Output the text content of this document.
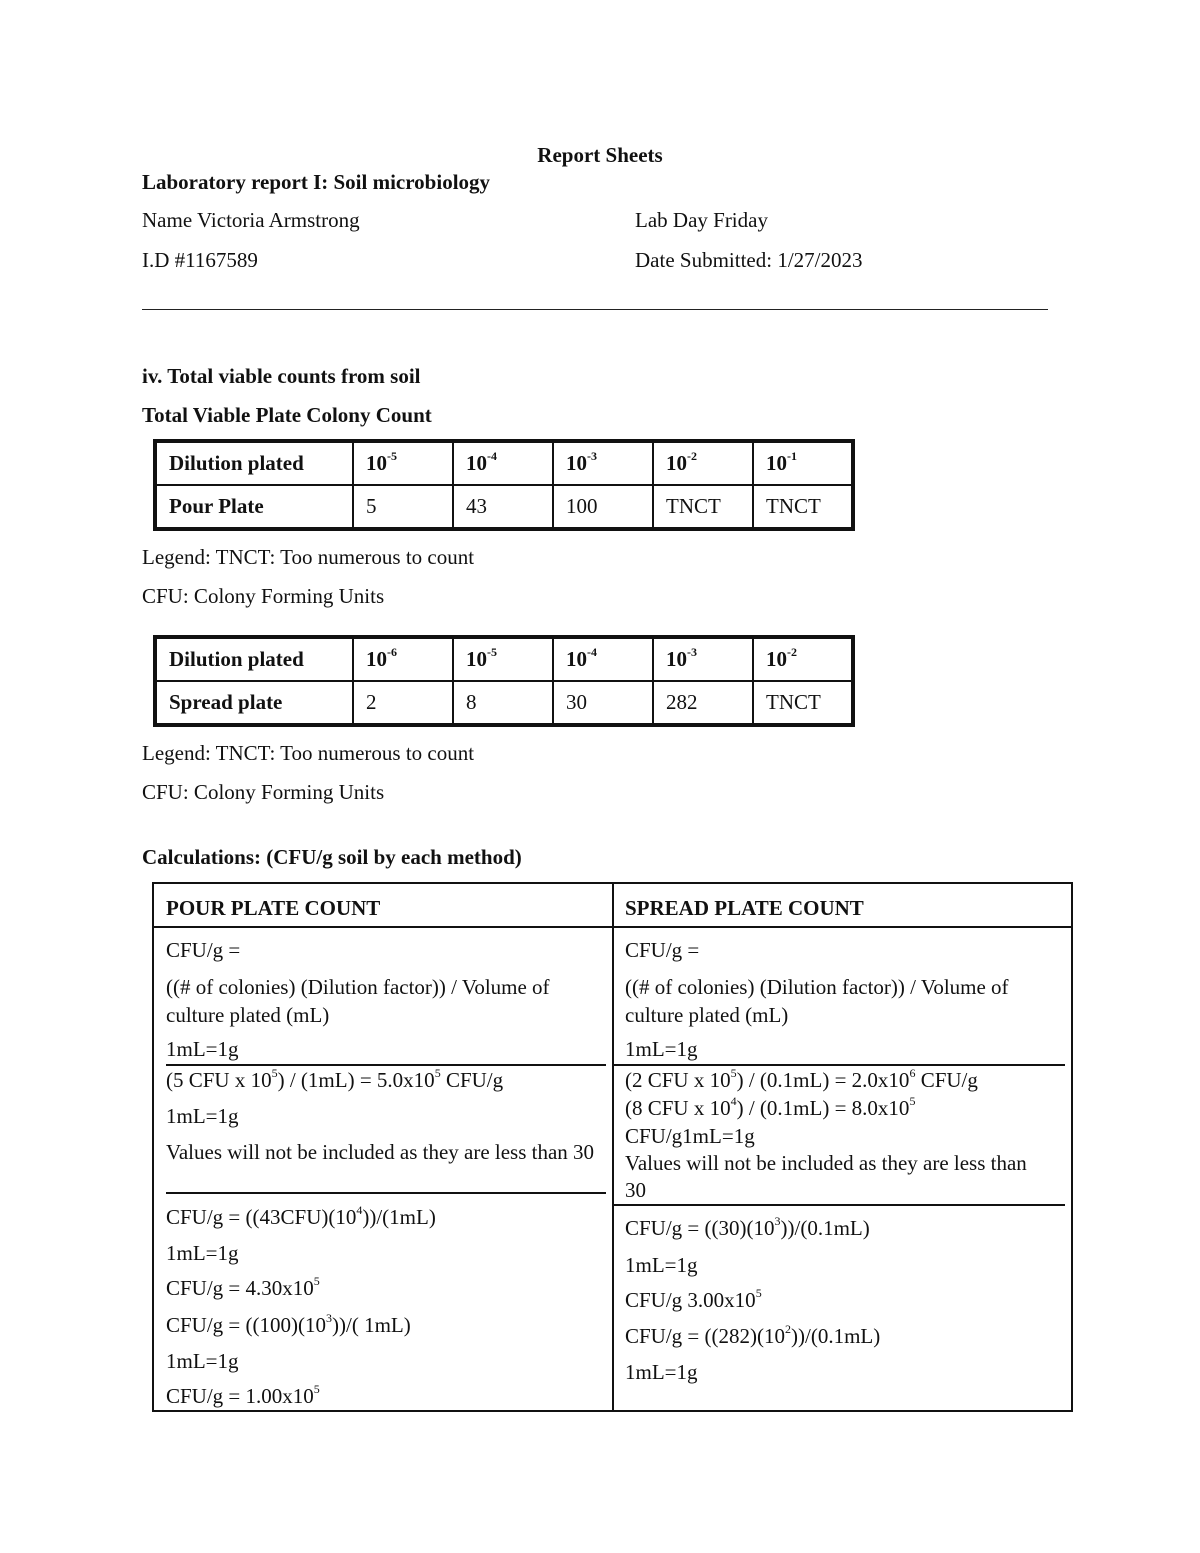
Report Sheets
Laboratory report I: Soil microbiology
Name Victoria Armstrong	Lab Day Friday
I.D #1167589	Date Submitted: 1/27/2023
iv. Total viable counts from soil
Total Viable Plate Colony Count
Dilution plated	$10^{-5}$	$10^{-4}$	$10^{-3}$	$10^{-2}$	$10^{-1}$
Pour Plate	5	43	100	TNCT	TNCT
Legend: TNCT: Too numerous to count
CFU: Colony Forming Units
Dilution plated	$10^{-6}$	$10^{-5}$	$10^{-4}$	$10^{-3}$	$10^{-2}$
Spread plate	2	8	30	282	TNCT
Legend: TNCT: Too numerous to count
CFU: Colony Forming Units
Calculations: (CFU/g soil by each method)
POUR PLATE COUNT
CFU/g =
((# of colonies) (Dilution factor)) / Volume of culture plated (mL)
1mL=1g
(5 CFU x $10^5) / (1mL) = 5.0x10^5$ CFU/g
1mL=1g
Values will not be included as they are less than 30
$CFU/g = ((43CFU)(10^4))/(1mL)$
1mL=1g
$CFU/g = 4.30x10^5$
$CFU/g = ((100)(10^3))/$( 1mL)
1mL=1g
$CFU/g = 1.00x10^5$
SPREAD PLATE COUNT
CFU/g =
((# of colonies) (Dilution factor)) / Volume of culture plated (mL)
1mL=1g
(2 CFU x $10^5) / (0.1mL) = 2.0x10^6$ CFU/g
(8 CFU x $10^4) / (0.1mL) = 8.0x10^5$
CFU/g1mL=1g
Values will not be included as they are less than 30
$CFU/g = ((30)(10^3))/(0.1mL)$
1mL=1g
CFU/g $3.00x10^5$
$CFU/g = ((282)(10^2))/(0.1mL)$
1mL=1g
